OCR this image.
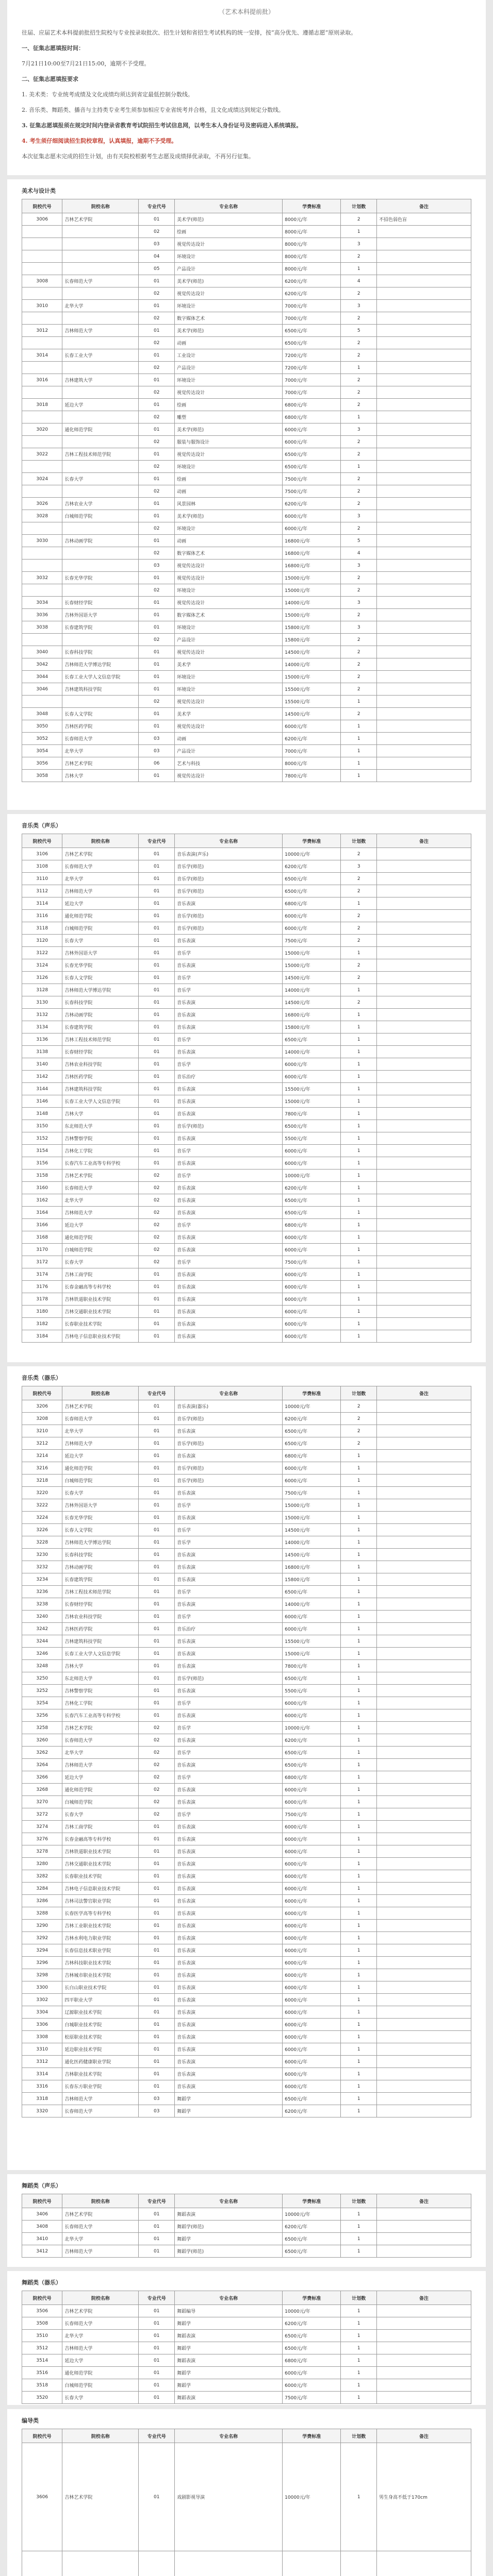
（艺术本科提前批）

往届、应届艺术本科提前批招生院校与专业按录取批次、招生计划和省招生考试机构的统一安排，按“高分优先、遵循志愿”原则录取。

一、征集志愿填报时间：

7月21日10:00至7月21日15:00，逾期不予受理。

二、征集志愿填报要求

1. 美术类：专业统考成绩及文化成绩均须达到省定最低控制分数线。

2. 音乐类、舞蹈类、播音与主持类专业考生须参加相应专业省统考并合格，且文化成绩达到规定分数线。

3. 征集志愿填报须在规定时间内登录省教育考试院招生考试信息网，以考生本人身份证号及密码进入系统填报。

4. 考生须仔细阅读招生院校章程，认真填报，逾期不予受理。

本次征集志愿未完成的招生计划，由有关院校根据考生志愿及成绩择优录取，不再另行征集。

美术与设计类
院校代号	院校名称	专业代号	专业名称	学费标准	计划数	备注
3006	吉林艺术学院	01	美术学(师范)	8000元/年	2	不招色弱色盲
		02	绘画	8000元/年	1	
		03	视觉传达设计	8000元/年	3	
		04	环境设计	8000元/年	2	
		05	产品设计	8000元/年	1	
3008	长春师范大学	01	美术学(师范)	6200元/年	4	
		02	视觉传达设计	6200元/年	2	
3010	北华大学	01	环境设计	7000元/年	3	
		02	数字媒体艺术	7000元/年	2	
3012	吉林师范大学	01	美术学(师范)	6500元/年	5	
		02	动画	6500元/年	2	
3014	长春工业大学	01	工业设计	7200元/年	2	
		02	产品设计	7200元/年	1	
3016	吉林建筑大学	01	环境设计	7000元/年	2	
		02	视觉传达设计	7000元/年	2	
3018	延边大学	01	绘画	6800元/年	2	
		02	雕塑	6800元/年	1	
3020	通化师范学院	01	美术学(师范)	6000元/年	3	
		02	服装与服饰设计	6000元/年	2	
3022	吉林工程技术师范学院	01	视觉传达设计	6500元/年	2	
		02	环境设计	6500元/年	1	
3024	长春大学	01	绘画	7500元/年	2	
		02	动画	7500元/年	2	
3026	吉林农业大学	01	风景园林	6200元/年	2	
3028	白城师范学院	01	美术学(师范)	6000元/年	3	
		02	环境设计	6000元/年	2	
3030	吉林动画学院	01	动画	16800元/年	5	
		02	数字媒体艺术	16800元/年	4	
		03	视觉传达设计	16800元/年	3	
3032	长春光华学院	01	视觉传达设计	15000元/年	2	
		02	环境设计	15000元/年	2	
3034	长春财经学院	01	视觉传达设计	14000元/年	3	
3036	吉林外国语大学	01	数字媒体艺术	15000元/年	2	
3038	长春建筑学院	01	环境设计	15800元/年	3	
		02	产品设计	15800元/年	2	
3040	长春科技学院	01	视觉传达设计	14500元/年	2	
3042	吉林师范大学博达学院	01	美术学	14000元/年	2	
3044	长春工业大学人文信息学院	01	环境设计	15000元/年	2	
3046	吉林建筑科技学院	01	环境设计	15500元/年	2	
		02	视觉传达设计	15500元/年	1	
3048	长春人文学院	01	美术学	14500元/年	2	
3050	吉林医药学院	01	视觉传达设计	6000元/年	1	
3052	长春师范大学	03	动画	6200元/年	1	
3054	北华大学	03	产品设计	7000元/年	1	
3056	吉林艺术学院	06	艺术与科技	8000元/年	1	
3058	吉林大学	01	视觉传达设计	7800元/年	1	
音乐类（声乐）
院校代号	院校名称	专业代号	专业名称	学费标准	计划数	备注
3106	吉林艺术学院	01	音乐表演(声乐)	10000元/年	2	
3108	长春师范大学	01	音乐学(师范)	6200元/年	3	
3110	北华大学	01	音乐学(师范)	6500元/年	2	
3112	吉林师范大学	01	音乐学(师范)	6500元/年	2	
3114	延边大学	01	音乐表演	6800元/年	1	
3116	通化师范学院	01	音乐学(师范)	6000元/年	2	
3118	白城师范学院	01	音乐学(师范)	6000元/年	2	
3120	长春大学	01	音乐表演	7500元/年	2	
3122	吉林外国语大学	01	音乐学	15000元/年	1	
3124	长春光华学院	01	音乐表演	15000元/年	2	
3126	长春人文学院	01	音乐学	14500元/年	2	
3128	吉林师范大学博达学院	01	音乐学	14000元/年	1	
3130	长春科技学院	01	音乐表演	14500元/年	2	
3132	吉林动画学院	01	音乐表演	16800元/年	1	
3134	长春建筑学院	01	音乐表演	15800元/年	1	
3136	吉林工程技术师范学院	01	音乐学	6500元/年	1	
3138	长春财经学院	01	音乐表演	14000元/年	1	
3140	吉林农业科技学院	01	音乐学	6000元/年	1	
3142	吉林医药学院	01	音乐治疗	6000元/年	1	
3144	吉林建筑科技学院	01	音乐表演	15500元/年	1	
3146	长春工业大学人文信息学院	01	音乐表演	15000元/年	1	
3148	吉林大学	01	音乐表演	7800元/年	1	
3150	东北师范大学	01	音乐学(师范)	6500元/年	1	
3152	吉林警察学院	01	音乐表演	5500元/年	1	
3154	吉林化工学院	01	音乐学	6000元/年	1	
3156	长春汽车工业高等专科学校	01	音乐表演	6000元/年	1	
3158	吉林艺术学院	02	音乐学	10000元/年	1	
3160	长春师范大学	02	音乐表演	6200元/年	1	
3162	北华大学	02	音乐表演	6500元/年	1	
3164	吉林师范大学	02	音乐表演	6500元/年	1	
3166	延边大学	02	音乐学	6800元/年	1	
3168	通化师范学院	02	音乐表演	6000元/年	1	
3170	白城师范学院	02	音乐表演	6000元/年	1	
3172	长春大学	02	音乐学	7500元/年	1	
3174	吉林工商学院	01	音乐表演	6000元/年	1	
3176	长春金融高等专科学校	01	音乐表演	6000元/年	1	
3178	吉林铁道职业技术学院	01	音乐表演	6000元/年	1	
3180	吉林交通职业技术学院	01	音乐表演	6000元/年	1	
3182	长春职业技术学院	01	音乐表演	6000元/年	1	
3184	吉林电子信息职业技术学院	01	音乐表演	6000元/年	1	
音乐类（器乐）
院校代号	院校名称	专业代号	专业名称	学费标准	计划数	备注
3206	吉林艺术学院	01	音乐表演(器乐)	10000元/年	2	
3208	长春师范大学	01	音乐学(师范)	6200元/年	2	
3210	北华大学	01	音乐表演	6500元/年	2	
3212	吉林师范大学	01	音乐学(师范)	6500元/年	2	
3214	延边大学	01	音乐表演	6800元/年	1	
3216	通化师范学院	01	音乐学(师范)	6000元/年	1	
3218	白城师范学院	01	音乐学(师范)	6000元/年	1	
3220	长春大学	01	音乐表演	7500元/年	1	
3222	吉林外国语大学	01	音乐学	15000元/年	1	
3224	长春光华学院	01	音乐表演	15000元/年	1	
3226	长春人文学院	01	音乐学	14500元/年	1	
3228	吉林师范大学博达学院	01	音乐学	14000元/年	1	
3230	长春科技学院	01	音乐表演	14500元/年	1	
3232	吉林动画学院	01	音乐表演	16800元/年	1	
3234	长春建筑学院	01	音乐表演	15800元/年	1	
3236	吉林工程技术师范学院	01	音乐学	6500元/年	1	
3238	长春财经学院	01	音乐表演	14000元/年	1	
3240	吉林农业科技学院	01	音乐学	6000元/年	1	
3242	吉林医药学院	01	音乐治疗	6000元/年	1	
3244	吉林建筑科技学院	01	音乐表演	15500元/年	1	
3246	长春工业大学人文信息学院	01	音乐表演	15000元/年	1	
3248	吉林大学	01	音乐表演	7800元/年	1	
3250	东北师范大学	01	音乐学(师范)	6500元/年	1	
3252	吉林警察学院	01	音乐表演	5500元/年	1	
3254	吉林化工学院	01	音乐学	6000元/年	1	
3256	长春汽车工业高等专科学校	01	音乐表演	6000元/年	1	
3258	吉林艺术学院	02	音乐学	10000元/年	1	
3260	长春师范大学	02	音乐表演	6200元/年	1	
3262	北华大学	02	音乐学	6500元/年	1	
3264	吉林师范大学	02	音乐表演	6500元/年	1	
3266	延边大学	02	音乐学	6800元/年	1	
3268	通化师范学院	02	音乐表演	6000元/年	1	
3270	白城师范学院	02	音乐表演	6000元/年	1	
3272	长春大学	02	音乐学	7500元/年	1	
3274	吉林工商学院	01	音乐表演	6000元/年	1	
3276	长春金融高等专科学校	01	音乐表演	6000元/年	1	
3278	吉林铁道职业技术学院	01	音乐表演	6000元/年	1	
3280	吉林交通职业技术学院	01	音乐表演	6000元/年	1	
3282	长春职业技术学院	01	音乐表演	6000元/年	1	
3284	吉林电子信息职业技术学院	01	音乐表演	6000元/年	1	
3286	吉林司法警官职业学院	01	音乐表演	6000元/年	1	
3288	长春医学高等专科学校	01	音乐表演	6000元/年	1	
3290	吉林工业职业技术学院	01	音乐表演	6000元/年	1	
3292	吉林水利电力职业学院	01	音乐表演	6000元/年	1	
3294	长春信息技术职业学院	01	音乐表演	6000元/年	1	
3296	吉林科技职业技术学院	01	音乐表演	6000元/年	1	
3298	吉林城市职业技术学院	01	音乐表演	6000元/年	1	
3300	长白山职业技术学院	01	音乐表演	6000元/年	1	
3302	四平职业大学	01	音乐表演	6000元/年	1	
3304	辽源职业技术学院	01	音乐表演	6000元/年	1	
3306	白城职业技术学院	01	音乐表演	6000元/年	1	
3308	松原职业技术学院	01	音乐表演	6000元/年	1	
3310	延边职业技术学院	01	音乐表演	6000元/年	1	
3312	通化医药健康职业学院	01	音乐表演	6000元/年	1	
3314	吉林职业技术学院	01	音乐表演	6000元/年	1	
3316	长春东方职业学院	01	音乐表演	6000元/年	1	
3318	吉林师范大学	03	舞蹈学	6500元/年	1	
3320	长春师范大学	03	舞蹈学	6200元/年	1	
舞蹈类（声乐）
院校代号	院校名称	专业代号	专业名称	学费标准	计划数	备注
3406	吉林艺术学院	01	舞蹈表演	10000元/年	1	
3408	长春师范大学	01	舞蹈学(师范)	6200元/年	1	
3410	北华大学	01	舞蹈学	6500元/年	1	
3412	吉林师范大学	01	舞蹈学(师范)	6500元/年	1	
舞蹈类（器乐）
院校代号	院校名称	专业代号	专业名称	学费标准	计划数	备注
3506	吉林艺术学院	01	舞蹈编导	10000元/年	1	
3508	长春师范大学	01	舞蹈学	6200元/年	1	
3510	北华大学	01	舞蹈表演	6500元/年	1	
3512	吉林师范大学	01	舞蹈学	6500元/年	1	
3514	延边大学	01	舞蹈表演	6800元/年	1	
3516	通化师范学院	01	舞蹈学	6000元/年	1	
3518	白城师范学院	01	舞蹈学	6000元/年	1	
3520	长春大学	01	舞蹈表演	7500元/年	1	
编导类
院校代号	院校名称	专业代号	专业名称	学费标准	计划数	备注
3606	吉林艺术学院	01	戏剧影视导演	10000元/年	1	男生身高不低于170cm
